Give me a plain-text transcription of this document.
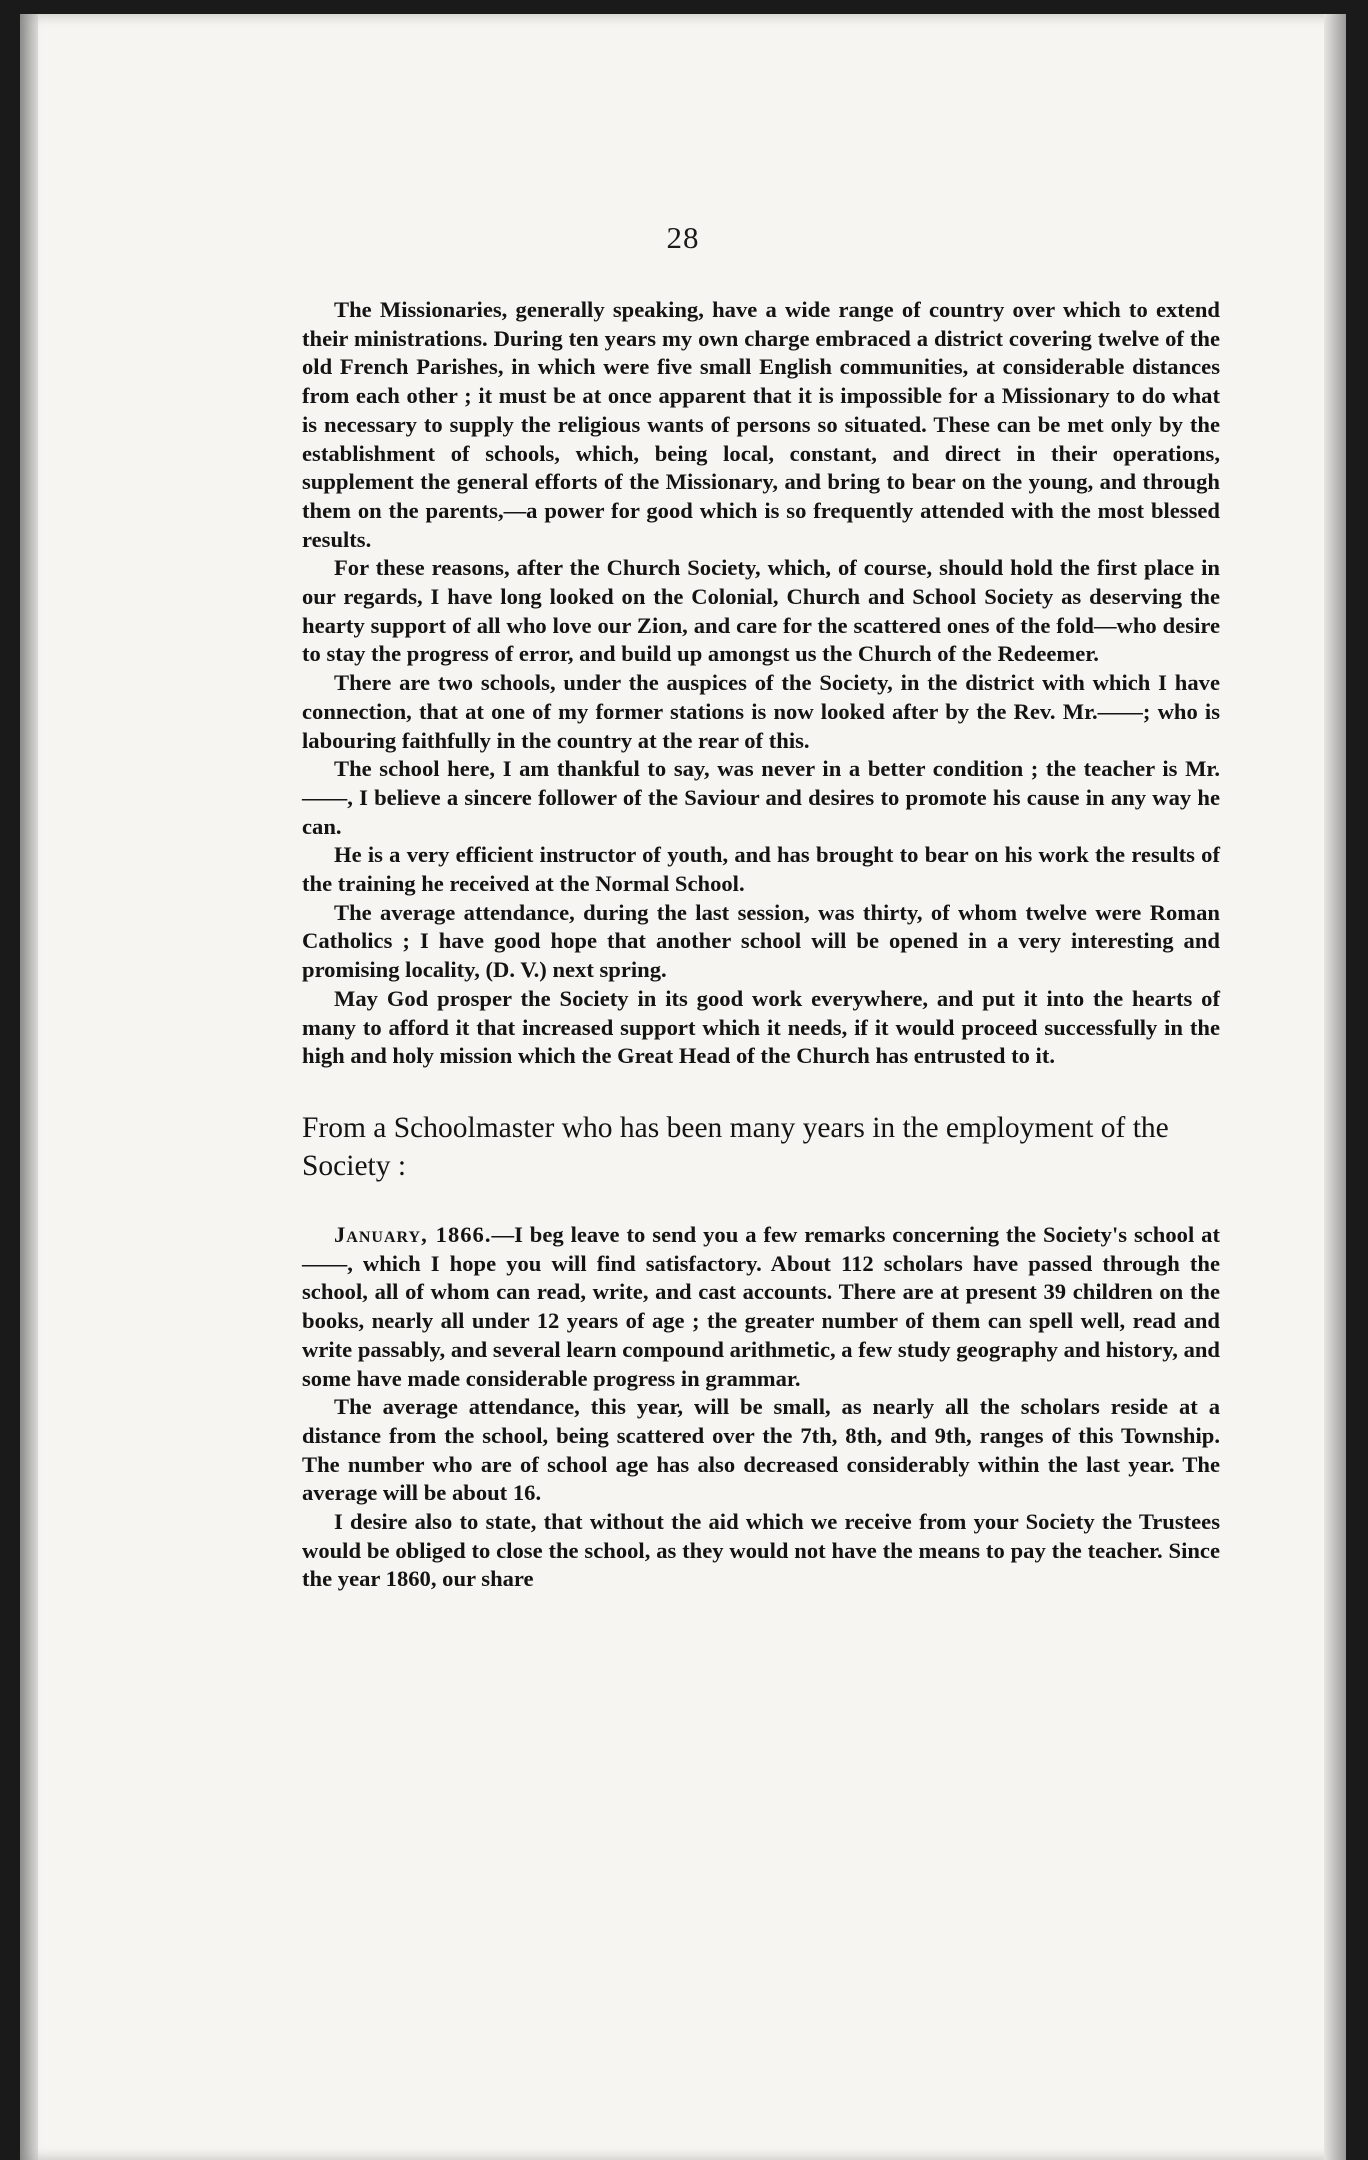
28

The Missionaries, generally speaking, have a wide range of country over which to extend their ministrations. During ten years my own charge embraced a district covering twelve of the old French Parishes, in which were five small English communities, at considerable distances from each other ; it must be at once apparent that it is impossible for a Missionary to do what is necessary to supply the religious wants of persons so situated. These can be met only by the establishment of schools, which, being local, constant, and direct in their operations, supplement the general efforts of the Missionary, and bring to bear on the young, and through them on the parents,—a power for good which is so frequently attended with the most blessed results.

For these reasons, after the Church Society, which, of course, should hold the first place in our regards, I have long looked on the Colonial, Church and School Society as deserving the hearty support of all who love our Zion, and care for the scattered ones of the fold—who desire to stay the progress of error, and build up amongst us the Church of the Redeemer.

There are two schools, under the auspices of the Society, in the district with which I have connection, that at one of my former stations is now looked after by the Rev. Mr.——; who is labouring faithfully in the country at the rear of this.

The school here, I am thankful to say, was never in a better condition ; the teacher is Mr.——, I believe a sincere follower of the Saviour and desires to promote his cause in any way he can.

He is a very efficient instructor of youth, and has brought to bear on his work the results of the training he received at the Normal School.

The average attendance, during the last session, was thirty, of whom twelve were Roman Catholics ; I have good hope that another school will be opened in a very interesting and promising locality, (D. V.) next spring.

May God prosper the Society in its good work everywhere, and put it into the hearts of many to afford it that increased support which it needs, if it would proceed successfully in the high and holy mission which the Great Head of the Church has entrusted to it.

From a Schoolmaster who has been many years in the employment of the Society :

January, 1866.—I beg leave to send you a few remarks concerning the Society's school at——, which I hope you will find satisfactory. About 112 scholars have passed through the school, all of whom can read, write, and cast accounts. There are at present 39 children on the books, nearly all under 12 years of age ; the greater number of them can spell well, read and write passably, and several learn compound arithmetic, a few study geography and history, and some have made considerable progress in grammar.

The average attendance, this year, will be small, as nearly all the scholars reside at a distance from the school, being scattered over the 7th, 8th, and 9th, ranges of this Township. The number who are of school age has also decreased considerably within the last year. The average will be about 16.

I desire also to state, that without the aid which we receive from your Society the Trustees would be obliged to close the school, as they would not have the means to pay the teacher. Since the year 1860, our share
